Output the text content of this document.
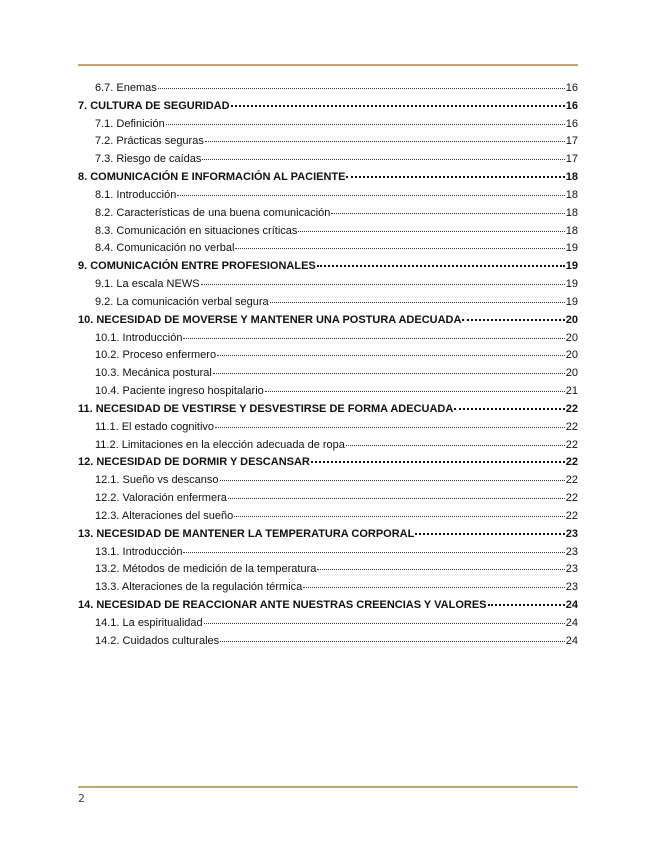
6.7. Enemas	16
7. CULTURA DE SEGURIDAD	16
7.1. Definición	16
7.2. Prácticas seguras	17
7.3. Riesgo de caídas	17
8. COMUNICACIÓN E INFORMACIÓN AL PACIENTE	18
8.1. Introducción	18
8.2. Características de una buena comunicación	18
8.3. Comunicación en situaciones críticas	18
8.4. Comunicación no verbal	19
9. COMUNICACIÓN ENTRE PROFESIONALES	19
9.1. La escala NEWS	19
9.2. La comunicación verbal segura	19
10. NECESIDAD DE MOVERSE Y MANTENER UNA POSTURA ADECUADA	20
10.1. Introducción	20
10.2. Proceso enfermero	20
10.3. Mecánica postural	20
10.4. Paciente ingreso hospitalario	21
11. NECESIDAD DE VESTIRSE Y DESVESTIRSE DE FORMA ADECUADA	22
11.1. El estado cognitivo	22
11.2. Limitaciones en la elección adecuada de ropa	22
12. NECESIDAD DE DORMIR Y DESCANSAR	22
12.1. Sueño vs descanso	22
12.2. Valoración enfermera	22
12.3. Alteraciones del sueño	22
13. NECESIDAD DE MANTENER LA TEMPERATURA CORPORAL	23
13.1. Introducción	23
13.2. Métodos de medición de la temperatura	23
13.3. Alteraciones de la regulación térmica	23
14. NECESIDAD DE REACCIONAR ANTE NUESTRAS CREENCIAS Y VALORES	24
14.1. La espiritualidad	24
14.2. Cuidados culturales	24
2
